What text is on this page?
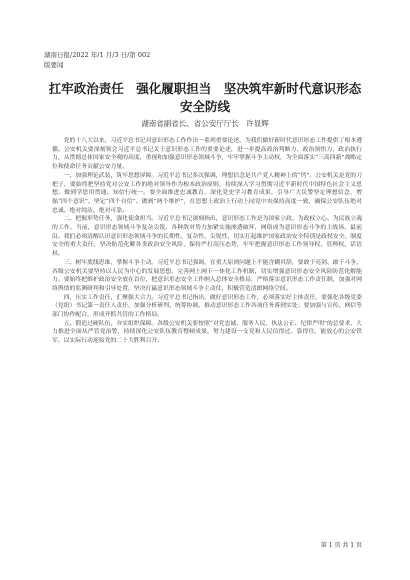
湖南日报/2022 年/1 月/3 日/第 002
版要闻
扛牢政治责任　强化履职担当　坚决筑牢新时代意识形态安全防线
湖南省副省长、省公安厅厅长　许显辉

党的十八大以来，习近平总书记对意识形态工作作出一系列重要论述，为我们做好新时代意识形态工作提供了根本遵循。公安机关要深刻领会习近平总书记关于意识形态工作的重要论述，进一步提高政治判断力、政治领悟力、政治执行力，从贯彻总体国家安全观的高度，重视和加强意识形态领域斗争，牢牢掌握斗争主动权，为全面落实“三高四新”战略定位和使命任务贡献公安力量。

一、加强理论武装，筑牢思想屏障。习近平总书记多次强调，理想信念是共产党人精神上的“钙”。公安机关是党的刀把子，要始终把坚持党对公安工作的绝对领导作为根本政治原则，持续深入学习贯彻习近平新时代中国特色社会主义思想，做到学思用贯通、知信行统一。要全面推进忠诚教育，深化党史学习教育成果，引导广大民警坚定理想信念，增强“四个意识”、坚定“四个自信”、做到“两个维护”，在思想上政治上行动上同党中央保持高度一致，确保公安队伍绝对忠诚、绝对纯洁、绝对可靠。

二、把握形势任务，强化使命担当。习近平总书记深刻指出，意识形态工作是为国家立政、为政权立心、为民族立魂的工作。当前，意识形态领域斗争复杂尖锐，各种敌对势力加紧实施渗透破坏，网络成为意识形态斗争的主战场、最前沿。我们必须清醒认识意识形态领域斗争的长期性、复杂性、尖锐性，切实扛起维护国家政治安全特别是政权安全、制度安全的重大责任，坚决防范化解各类政治安全风险，保持严打高压态势，牢牢把握意识形态工作领导权、管理权、话语权。

三、树牢底线思维，掌握斗争主动。习近平总书记强调，在重大原则问题上不能含糊其辞，要敢于亮剑、敢于斗争。各级公安机关要坚持以人民为中心的发展思想，完善网上网下一体化工作机制，切实增强意识形态安全风险防范化解能力。要始终把维护政治安全放在首位，把意识形态安全工作纳入总体安全格局，严格落实意识形态工作责任制，加强对网络舆情的监测研判和引导处置，坚决打赢意识形态领域斗争主动仗，积极营造清朗网络空间。

四、压实工作责任，汇聚强大合力。习近平总书记指出，做好意识形态工作，必须落实好主体责任。要强化各级党委（党组）书记第一责任人责任，加强分析研判、统筹协调，推动意识形态工作各项任务落到实处；要加强与宣传、网信等部门协作配合，形成齐抓共管的工作格局。

五、锻造过硬队伍，夯实组织保障。各级公安机关要按照“对党忠诚、服务人民、执法公正、纪律严明”的总要求，大力推进全面从严管党治警，持续深化公安队伍教育整顿成果，努力建设一支党和人民信得过、靠得住、能放心的公安铁军，以实际行动迎接党的二十大胜利召开。

第 1 页 共 1 页
